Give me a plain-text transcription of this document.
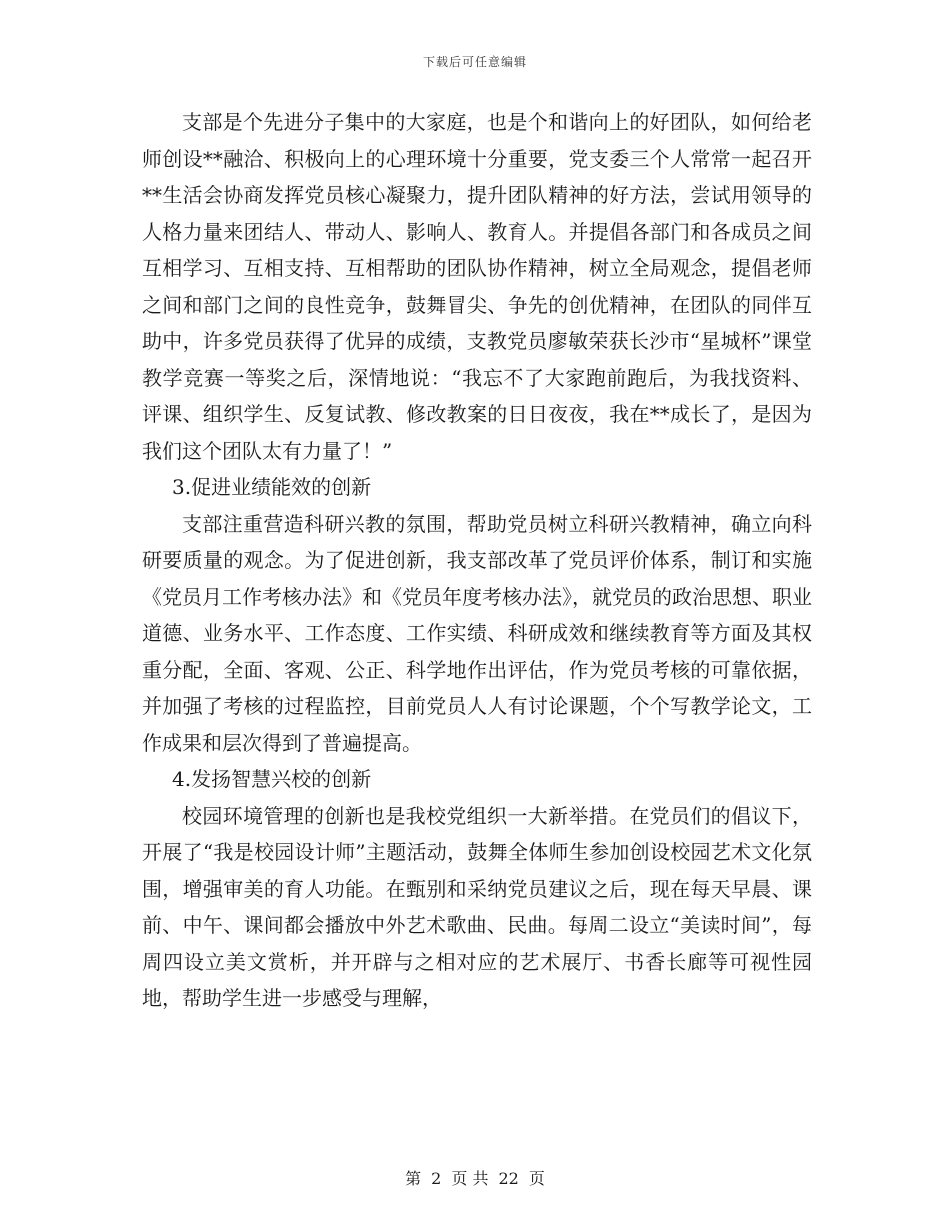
下载后可任意编辑

支部是个先进分子集中的大家庭，也是个和谐向上的好团队，如何给老师创设**融洽、积极向上的心理环境十分重要，党支委三个人常常一起召开**生活会协商发挥党员核心凝聚力，提升团队精神的好方法，尝试用领导的人格力量来团结人、带动人、影响人、教育人。并提倡各部门和各成员之间互相学习、互相支持、互相帮助的团队协作精神，树立全局观念，提倡老师之间和部门之间的良性竞争，鼓舞冒尖、争先的创优精神，在团队的同伴互助中，许多党员获得了优异的成绩，支教党员廖敏荣获长沙市“星城杯”课堂教学竞赛一等奖之后，深情地说：“我忘不了大家跑前跑后，为我找资料、评课、组织学生、反复试教、修改教案的日日夜夜，我在**成长了，是因为我们这个团队太有力量了！”

3.促进业绩能效的创新

支部注重营造科研兴教的氛围，帮助党员树立科研兴教精神，确立向科研要质量的观念。为了促进创新，我支部改革了党员评价体系，制订和实施《党员月工作考核办法》和《党员年度考核办法》，就党员的政治思想、职业道德、业务水平、工作态度、工作实绩、科研成效和继续教育等方面及其权重分配，全面、客观、公正、科学地作出评估，作为党员考核的可靠依据，并加强了考核的过程监控，目前党员人人有讨论课题，个个写教学论文，工作成果和层次得到了普遍提高。

4.发扬智慧兴校的创新

校园环境管理的创新也是我校党组织一大新举措。在党员们的倡议下，开展了“我是校园设计师”主题活动，鼓舞全体师生参加创设校园艺术文化氛围，增强审美的育人功能。在甄别和采纳党员建议之后，现在每天早晨、课前、中午、课间都会播放中外艺术歌曲、民曲。每周二设立“美读时间”，每周四设立美文赏析，并开辟与之相对应的艺术展厅、书香长廊等可视性园地，帮助学生进一步感受与理解，

第 2 页 共 22 页
